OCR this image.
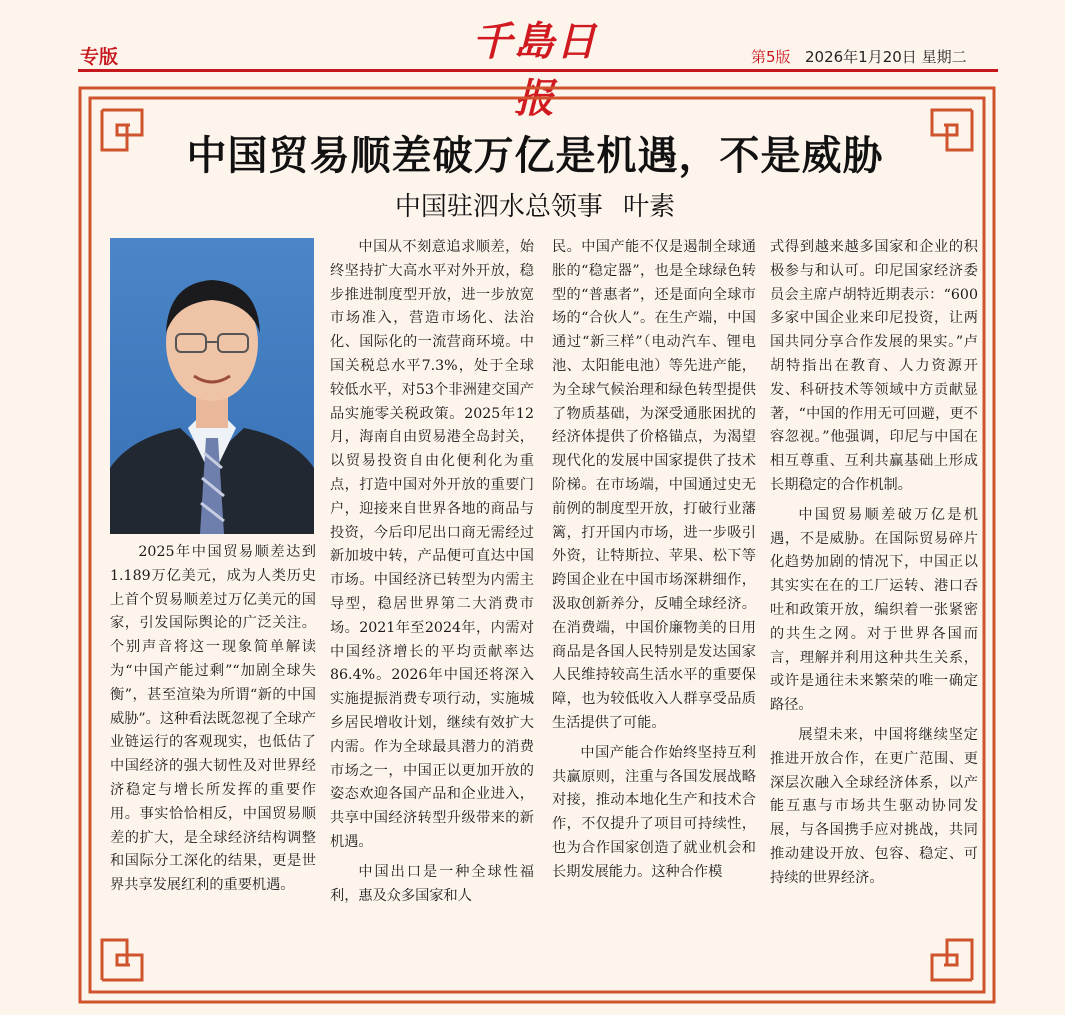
专版	千島日报
第5版 2026年1月20日 星期二
中国贸易顺差破万亿是机遇，不是威胁
中国驻泗水总领事 叶素

2025年中国贸易顺差达到1.189万亿美元，成为人类历史上首个贸易顺差过万亿美元的国家，引发国际舆论的广泛关注。个别声音将这一现象简单解读为“中国产能过剩”“加剧全球失衡”，甚至渲染为所谓“新的中国威胁”。这种看法既忽视了全球产业链运行的客观现实，也低估了中国经济的强大韧性及对世界经济稳定与增长所发挥的重要作用。事实恰恰相反，中国贸易顺差的扩大，是全球经济结构调整和国际分工深化的结果，更是世界共享发展红利的重要机遇。

中国从不刻意追求顺差，始终坚持扩大高水平对外开放，稳步推进制度型开放，进一步放宽市场准入，营造市场化、法治化、国际化的一流营商环境。中国关税总水平7.3%，处于全球较低水平，对53个非洲建交国产品实施零关税政策。2025年12月，海南自由贸易港全岛封关，以贸易投资自由化便利化为重点，打造中国对外开放的重要门户，迎接来自世界各地的商品与投资，今后印尼出口商无需经过新加坡中转，产品便可直达中国市场。中国经济已转型为内需主导型，稳居世界第二大消费市场。2021年至2024年，内需对中国经济增长的平均贡献率达86.4%。2026年中国还将深入实施提振消费专项行动，实施城乡居民增收计划，继续有效扩大内需。作为全球最具潜力的消费市场之一，中国正以更加开放的姿态欢迎各国产品和企业进入，共享中国经济转型升级带来的新机遇。

中国出口是一种全球性福利，惠及众多国家和人

民。中国产能不仅是遏制全球通胀的“稳定器”，也是全球绿色转型的“普惠者”，还是面向全球市场的“合伙人”。在生产端，中国通过“新三样”（电动汽车、锂电池、太阳能电池）等先进产能，为全球气候治理和绿色转型提供了物质基础，为深受通胀困扰的经济体提供了价格锚点，为渴望现代化的发展中国家提供了技术阶梯。在市场端，中国通过史无前例的制度型开放，打破行业藩篱，打开国内市场，进一步吸引外资，让特斯拉、苹果、松下等跨国企业在中国市场深耕细作，汲取创新养分，反哺全球经济。在消费端，中国价廉物美的日用商品是各国人民特别是发达国家人民维持较高生活水平的重要保障，也为较低收入人群享受品质生活提供了可能。

中国产能合作始终坚持互利共赢原则，注重与各国发展战略对接，推动本地化生产和技术合作，不仅提升了项目可持续性，也为合作国家创造了就业机会和长期发展能力。这种合作模

式得到越来越多国家和企业的积极参与和认可。印尼国家经济委员会主席卢胡特近期表示：“600多家中国企业来印尼投资，让两国共同分享合作发展的果实。”卢胡特指出在教育、人力资源开发、科研技术等领域中方贡献显著，“中国的作用无可回避，更不容忽视。”他强调，印尼与中国在相互尊重、互利共赢基础上形成长期稳定的合作机制。

中国贸易顺差破万亿是机遇，不是威胁。在国际贸易碎片化趋势加剧的情况下，中国正以其实实在在的工厂运转、港口吞吐和政策开放，编织着一张紧密的共生之网。对于世界各国而言，理解并利用这种共生关系，或许是通往未来繁荣的唯一确定路径。

展望未来，中国将继续坚定推进开放合作，在更广范围、更深层次融入全球经济体系，以产能互惠与市场共生驱动协同发展，与各国携手应对挑战，共同推动建设开放、包容、稳定、可持续的世界经济。
